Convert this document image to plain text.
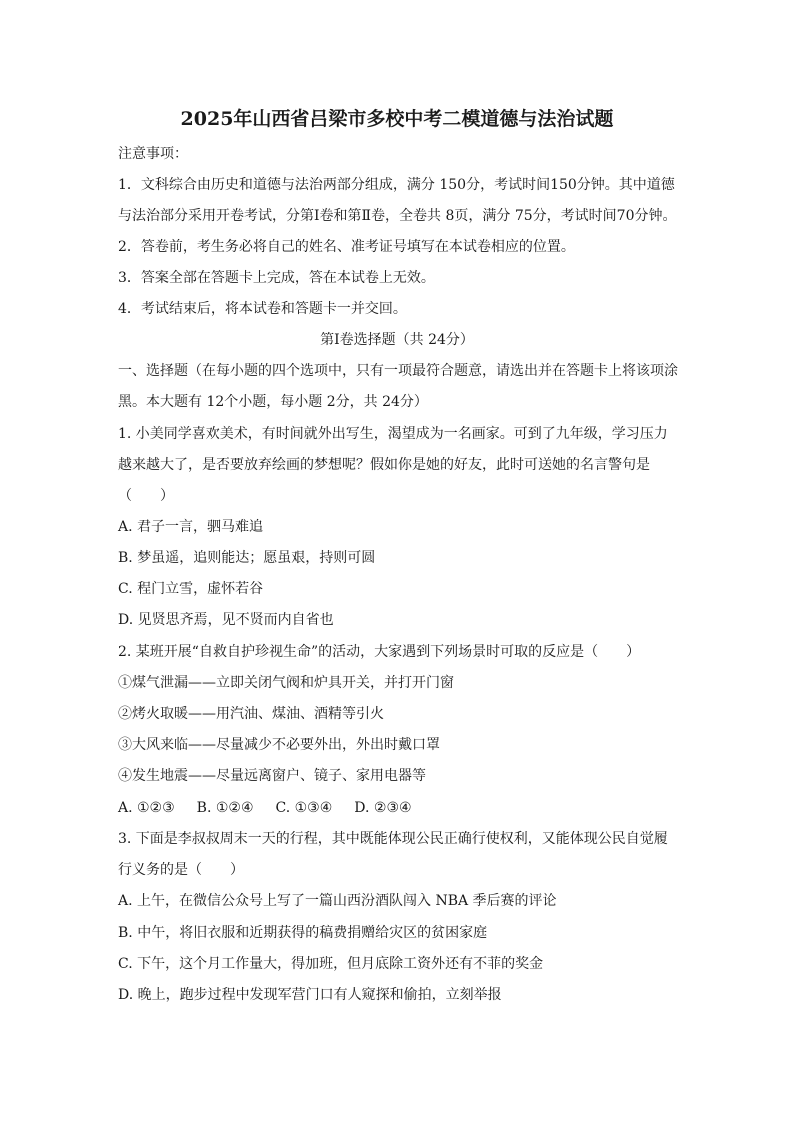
2025年山西省吕梁市多校中考二模道德与法治试题
注意事项：
1．文科综合由历史和道德与法治两部分组成，满分 150分，考试时间150分钟。其中道德
与法治部分采用开卷考试，分第Ⅰ卷和第Ⅱ卷，全卷共 8页，满分 75分，考试时间70分钟。
2．答卷前，考生务必将自己的姓名、准考证号填写在本试卷相应的位置。
3．答案全部在答题卡上完成，答在本试卷上无效。
4．考试结束后，将本试卷和答题卡一并交回。
第Ⅰ卷选择题（共 24分）
一、选择题（在每小题的四个选项中，只有一项最符合题意，请选出并在答题卡上将该项涂
黑。本大题有 12个小题，每小题 2分，共 24分）
1. 小美同学喜欢美术，有时间就外出写生，渴望成为一名画家。可到了九年级，学习压力
越来越大了，是否要放弃绘画的梦想呢？假如你是她的好友，此时可送她的名言警句是
（　　）
A. 君子一言，驷马难追
B. 梦虽遥，追则能达；愿虽艰，持则可圆
C. 程门立雪，虚怀若谷
D. 见贤思齐焉，见不贤而内自省也
2. 某班开展“自救自护珍视生命”的活动，大家遇到下列场景时可取的反应是（　　）
①煤气泄漏——立即关闭气阀和炉具开关，并打开门窗
②烤火取暖——用汽油、煤油、酒精等引火
③大风来临——尽量减少不必要外出，外出时戴口罩
④发生地震——尽量远离窗户、镜子、家用电器等
A. ①②③ B. ①②④ C. ①③④ D. ②③④
3. 下面是李叔叔周末一天的行程，其中既能体现公民正确行使权利，又能体现公民自觉履
行义务的是（　　）
A. 上午，在微信公众号上写了一篇山西汾酒队闯入 NBA 季后赛的评论
B. 中午，将旧衣服和近期获得的稿费捐赠给灾区的贫困家庭
C. 下午，这个月工作量大，得加班，但月底除工资外还有不菲的奖金
D. 晚上，跑步过程中发现军营门口有人窥探和偷拍，立刻举报
